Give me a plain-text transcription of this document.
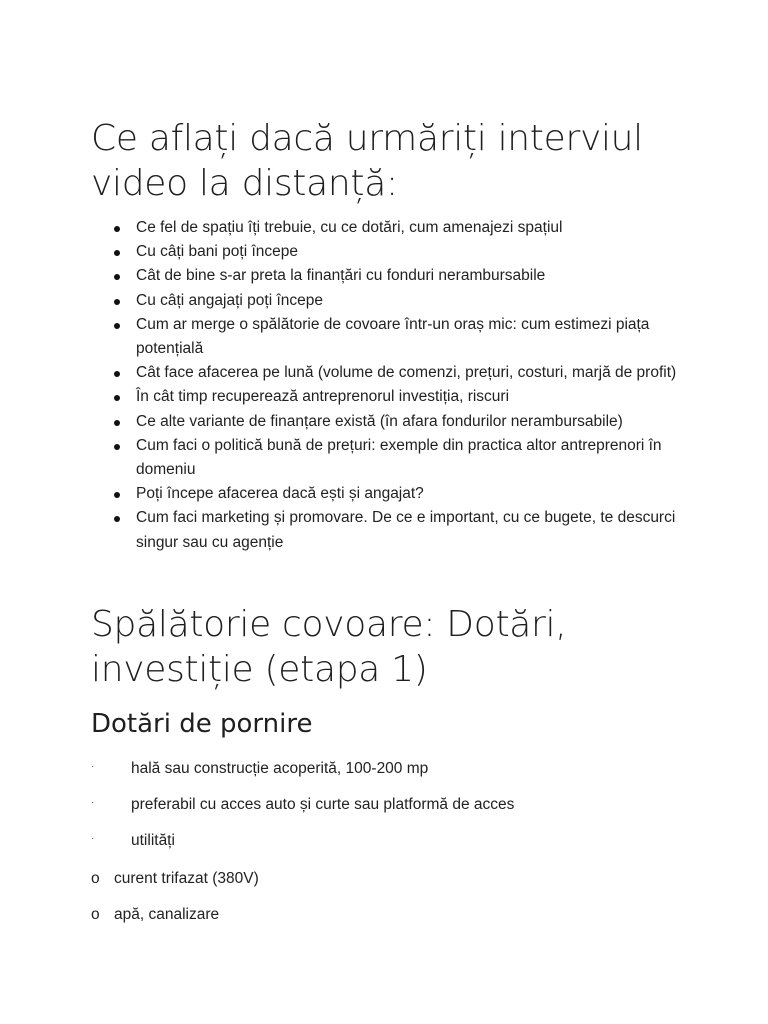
Ce aflați dacă urmăriți interviul video la distanță:
Ce fel de spațiu îți trebuie, cu ce dotări, cum amenajezi spațiul
Cu câți bani poți începe
Cât de bine s-ar preta la finanțări cu fonduri nerambursabile
Cu câți angajați poți începe
Cum ar merge o spălătorie de covoare într-un oraș mic: cum estimezi piața potențială
Cât face afacerea pe lună (volume de comenzi, prețuri, costuri, marjă de profit)
În cât timp recuperează antreprenorul investiția, riscuri
Ce alte variante de finanțare există (în afara fondurilor nerambursabile)
Cum faci o politică bună de prețuri: exemple din practica altor antreprenori în domeniu
Poți începe afacerea dacă ești și angajat?
Cum faci marketing și promovare. De ce e important, cu ce bugete, te descurci singur sau cu agenție
Spălătorie covoare: Dotări, investiție (etapa 1)
Dotări de pornire
· hală sau construcție acoperită, 100-200 mp
· preferabil cu acces auto și curte sau platformă de acces
· utilități
o curent trifazat (380V)
o apă, canalizare
